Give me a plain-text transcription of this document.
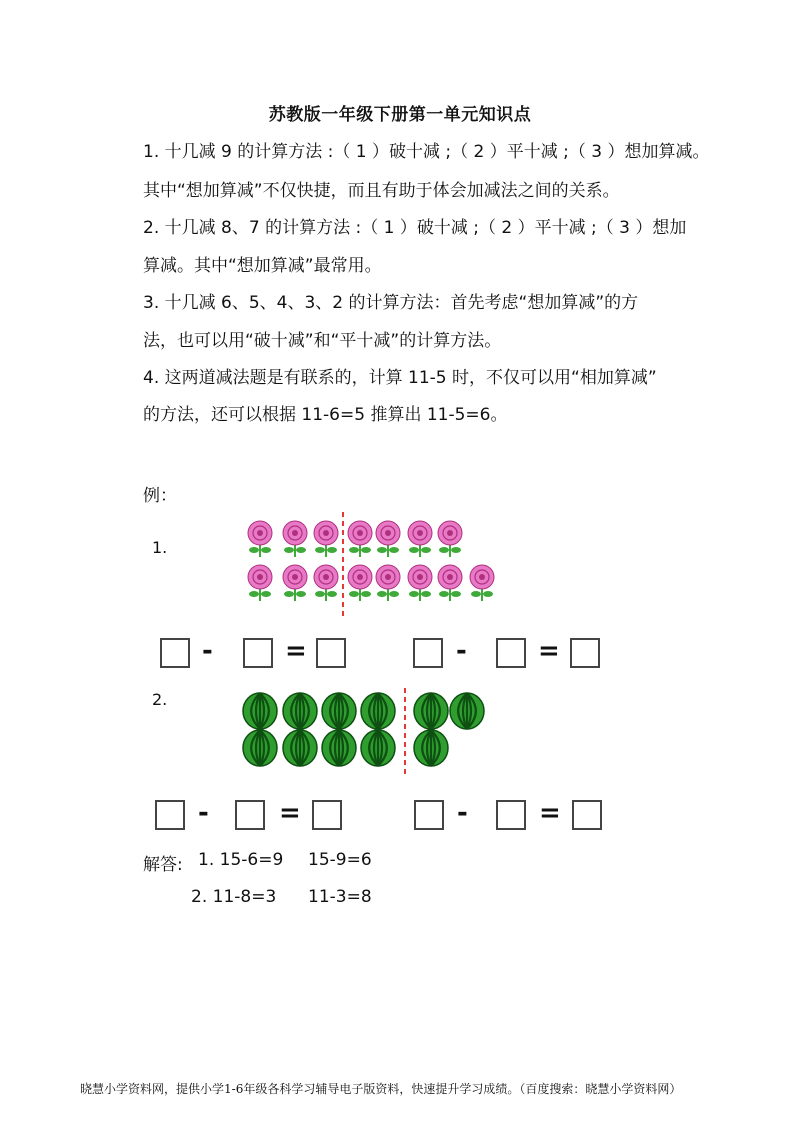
苏教版一年级下册第一单元知识点
1. 十几减 9 的计算方法 :（ 1 ）破十减 ;（ 2 ）平十减 ;（ 3 ）想加算减。
其中“想加算减”不仅快捷，而且有助于体会加减法之间的关系。
2. 十几减 8、7 的计算方法 :（ 1 ）破十减 ;（ 2 ）平十减 ;（ 3 ）想加
算减。其中“想加算减”最常用。
3. 十几减 6、5、4、3、2 的计算方法：首先考虑“想加算减”的方
法，也可以用“破十减”和“平十减”的计算方法。
4. 这两道减法题是有联系的，计算 11-5 时，不仅可以用“相加算减”
的方法，还可以根据 11-6=5 推算出 11-5=6。
例：
1.
2.
-	=	-	=
-	=	-	=
解答: 1. 15-6=9 15-9=6
2. 11-8=3 11-3=8
晓慧小学资料网，提供小学1-6年级各科学习辅导电子版资料，快速提升学习成绩。（百度搜索：晓慧小学资料网）
